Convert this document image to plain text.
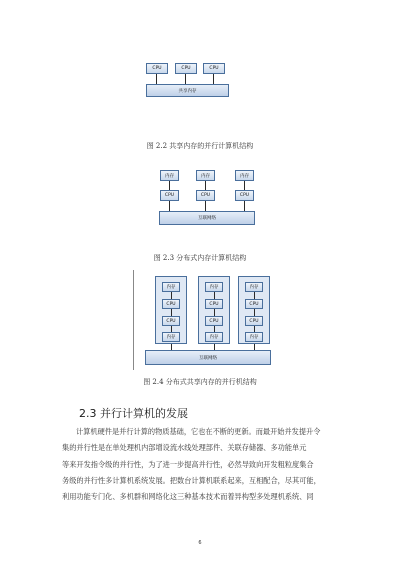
CPU	CPU	CPU
共享内存
图 2.2 共享内存的并行计算机结构
内存
CPU
内存
CPU
内存
CPU
互联网络
图 2.3 分布式内存计算机结构
内存
CPU
CPU
内存
内存
CPU
CPU
内存
内存
CPU
CPU
内存
互联网络
图 2.4 分布式共享内存的并行机结构
2.3 并行计算机的发展
计算机硬件是并行计算的物质基础，它也在不断的更新。而最开始并发提升令
集的并行性是在单处理机内部增设流水线处理部件、关联存储器、多功能单元
等来开发指令级的并行性，为了进一步提高并行性，必然导致向开发粗粒度集合
务级的并行性多计算机系统发展。把数台计算机联系起来，互相配合，尽其可能，
利用功能专门化、多机群和网络化这三种基本技术而着异构型多处理机系统、同
6
